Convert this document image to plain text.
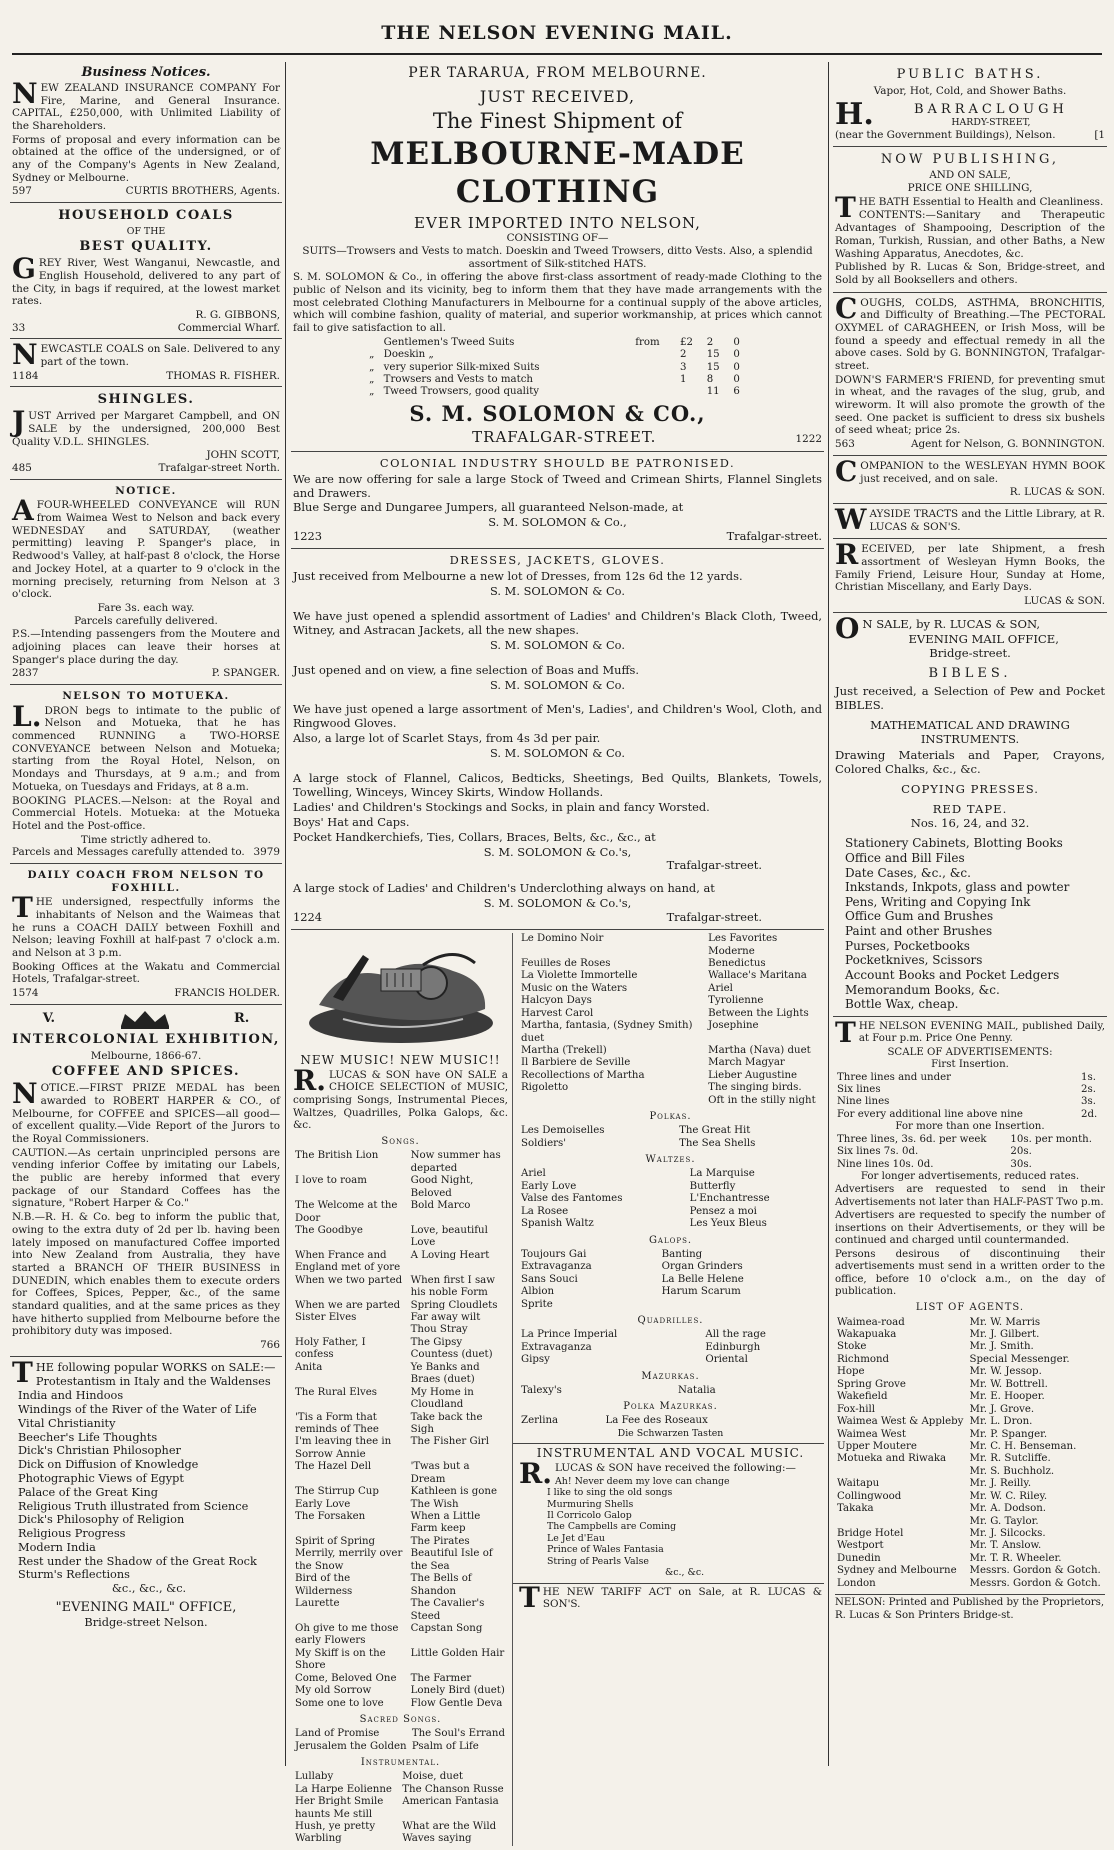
THE NELSON EVENING MAIL.
Business Notices.

NEW ZEALAND INSURANCE COMPANY For Fire, Marine, and General Insurance. CAPITAL, £250,000, with Unlimited Liability of the Shareholders.

Forms of proposal and every information can be obtained at the office of the undersigned, or of any of the Company's Agents in New Zealand, Sydney or Melbourne.

597	CURTIS BROTHERS, Agents.
HOUSEHOLD COALS
OF THE
BEST QUALITY.

GREY River, West Wanganui, Newcastle, and English Household, delivered to any part of the City, in bags if required, at the lowest market rates.

R. G. GIBBONS,
33	Commercial Wharf.

NEWCASTLE COALS on Sale. Delivered to any part of the town.

1184	THOMAS R. FISHER.
SHINGLES.

JUST Arrived per Margaret Campbell, and ON SALE by the undersigned, 200,000 Best Quality V.D.L. SHINGLES.

JOHN SCOTT,
485	Trafalgar-street North.
NOTICE.

AFOUR-WHEELED CONVEYANCE will RUN from Waimea West to Nelson and back every WEDNESDAY and SATURDAY, (weather permitting) leaving P. Spanger's place, in Redwood's Valley, at half-past 8 o'clock, the Horse and Jockey Hotel, at a quarter to 9 o'clock in the morning precisely, returning from Nelson at 3 o'clock.

Fare 3s. each way.
Parcels carefully delivered.

P.S.—Intending passengers from the Moutere and adjoining places can leave their horses at Spanger's place during the day.

2837	P. SPANGER.
NELSON TO MOTUEKA.

L. DRON begs to intimate to the public of Nelson and Motueka, that he has commenced RUNNING a TWO-HORSE CONVEYANCE between Nelson and Motueka; starting from the Royal Hotel, Nelson, on Mondays and Thursdays, at 9 a.m.; and from Motueka, on Tuesdays and Fridays, at 8 a.m.

BOOKING PLACES.—Nelson: at the Royal and Commercial Hotels. Motueka: at the Motueka Hotel and the Post-office.

Time strictly adhered to.
Parcels and Messages carefully attended to. 3979
DAILY COACH FROM NELSON TO FOXHILL.

THE undersigned, respectfully informs the inhabitants of Nelson and the Waimeas that he runs a COACH DAILY between Foxhill and Nelson; leaving Foxhill at half-past 7 o'clock a.m. and Nelson at 3 p.m.

Booking Offices at the Wakatu and Commercial Hotels, Trafalgar-street.

1574	FRANCIS HOLDER.
V.	R.
INTERCOLONIAL EXHIBITION,
Melbourne, 1866-67.
COFFEE AND SPICES.

NOTICE.—FIRST PRIZE MEDAL has been awarded to ROBERT HARPER & CO., of Melbourne, for COFFEE and SPICES—all good—of excellent quality.—Vide Report of the Jurors to the Royal Commissioners.

CAUTION.—As certain unprincipled persons are vending inferior Coffee by imitating our Labels, the public are hereby informed that every package of our Standard Coffees has the signature, "Robert Harper & Co."

N.B.—R. H. & Co. beg to inform the public that, owing to the extra duty of 2d per lb. having been lately imposed on manufactured Coffee imported into New Zealand from Australia, they have started a BRANCH OF THEIR BUSINESS in DUNEDIN, which enables them to execute orders for Coffees, Spices, Pepper, &c., of the same standard qualities, and at the same prices as they have hitherto supplied from Melbourne before the prohibitory duty was imposed.

766

THE following popular WORKS on SALE:—

Protestantism in Italy and the Waldenses
India and Hindoos
Windings of the River of the Water of Life
Vital Christianity
Beecher's Life Thoughts
Dick's Christian Philosopher
Dick on Diffusion of Knowledge
Photographic Views of Egypt
Palace of the Great King
Religious Truth illustrated from Science
Dick's Philosophy of Religion
Religious Progress
Modern India
Rest under the Shadow of the Great Rock
Sturm's Reflections
&c., &c., &c.
"EVENING MAIL" OFFICE,
Bridge-street Nelson.
PER TARARUA, FROM MELBOURNE.
JUST RECEIVED,
The Finest Shipment of
MELBOURNE-MADE CLOTHING
EVER IMPORTED INTO NELSON,
CONSISTING OF—
SUITS—Trowsers and Vests to match. Doeskin and Tweed Trowsers, ditto Vests. Also, a splendid assortment of Silk-stitched HATS.

S. M. SOLOMON & Co., in offering the above first-class assortment of ready-made Clothing to the public of Nelson and its vicinity, beg to inform them that they have made arrangements with the most celebrated Clothing Manufacturers in Melbourne for a continual supply of the above articles, which will combine fashion, quality of material, and superior workmanship, at prices which cannot fail to give satisfaction to all.

	Gentlemen's Tweed Suits	from	£2	2	0
„	Doeskin „		2	15	0
„	very superior Silk-mixed Suits		3	15	0
„	Trowsers and Vests to match		1	8	0
„	Tweed Trowsers, good quality			11	6
S. M. SOLOMON & CO.,
TRAFALGAR-STREET.	1222
COLONIAL INDUSTRY SHOULD BE PATRONISED.

We are now offering for sale a large Stock of Tweed and Crimean Shirts, Flannel Singlets and Drawers.

Blue Serge and Dungaree Jumpers, all guaranteed Nelson-made, at

S. M. SOLOMON & Co.,
1223	Trafalgar-street.
DRESSES, JACKETS, GLOVES.

Just received from Melbourne a new lot of Dresses, from 12s 6d the 12 yards.

S. M. SOLOMON & Co.

We have just opened a splendid assortment of Ladies' and Children's Black Cloth, Tweed, Witney, and Astracan Jackets, all the new shapes.

S. M. SOLOMON & Co.

Just opened and on view, a fine selection of Boas and Muffs.

S. M. SOLOMON & Co.

We have just opened a large assortment of Men's, Ladies', and Children's Wool, Cloth, and Ringwood Gloves.

Also, a large lot of Scarlet Stays, from 4s 3d per pair.

S. M. SOLOMON & Co.

A large stock of Flannel, Calicos, Bedticks, Sheetings, Bed Quilts, Blankets, Towels, Towelling, Winceys, Wincey Skirts, Window Hollands.

Ladies' and Children's Stockings and Socks, in plain and fancy Worsted.

Boys' Hat and Caps.

Pocket Handkerchiefs, Ties, Collars, Braces, Belts, &c., &c., at

S. M. SOLOMON & Co.'s,
Trafalgar-street.

A large stock of Ladies' and Children's Underclothing always on hand, at

S. M. SOLOMON & Co.'s,
1224	Trafalgar-street.
NEW MUSIC! NEW MUSIC!!

R. LUCAS & SON have ON SALE a CHOICE SELECTION of MUSIC, comprising Songs, Instrumental Pieces, Waltzes, Quadrilles, Polka Galops, &c. &c.

Songs.
The British Lion	Now summer has departed
I love to roam	Good Night, Beloved
The Welcome at the Door	Bold Marco
The Goodbye	Love, beautiful Love
When France and England met of yore	A Loving Heart
When we two parted	When first I saw his noble Form
When we are parted	Spring Cloudlets
Sister Elves	Far away wilt Thou Stray
Holy Father, I confess	The Gipsy Countess (duet)
Anita	Ye Banks and Braes (duet)
The Rural Elves	My Home in Cloudland
'Tis a Form that reminds of Thee	Take back the Sigh
I'm leaving thee in Sorrow Annie	The Fisher Girl
The Hazel Dell	'Twas but a Dream
The Stirrup Cup	Kathleen is gone
Early Love	The Wish
The Forsaken	When a Little Farm keep
Spirit of Spring	The Pirates
Merrily, merrily over the Snow	Beautiful Isle of the Sea
Bird of the Wilderness	The Bells of Shandon
Laurette	The Cavalier's Steed
Oh give to me those early Flowers	Capstan Song
My Skiff is on the Shore	Little Golden Hair
Come, Beloved One	The Farmer
My old Sorrow	Lonely Bird (duet)
Some one to love	Flow Gentle Deva
Sacred Songs.
Land of Promise	The Soul's Errand
Jerusalem the Golden	Psalm of Life
Instrumental.
Lullaby	Moise, duet
La Harpe Eolienne	The Chanson Russe
Her Bright Smile haunts Me still	American Fantasia
Hush, ye pretty Warbling	What are the Wild Waves saying
Le Domino Noir	Les Favorites Moderne
Feuilles de Roses	Benedictus
La Violette Immortelle	Wallace's Maritana
Music on the Waters	Ariel
Halcyon Days	Tyrolienne
Harvest Carol	Between the Lights
Martha, fantasia, (Sydney Smith) duet	Josephine
Martha (Trekell)	Martha (Nava) duet
Il Barbiere de Seville	March Magyar
Recollections of Martha	Lieber Augustine
Rigoletto	The singing birds.
	Oft in the stilly night
Polkas.
Les Demoiselles	The Great Hit
Soldiers'	The Sea Shells
Waltzes.
Ariel	La Marquise
Early Love	Butterfly
Valse des Fantomes	L'Enchantresse
La Rosee	Pensez a moi
Spanish Waltz	Les Yeux Bleus
Galops.
Toujours Gai	Banting
Extravaganza	Organ Grinders
Sans Souci	La Belle Helene
Albion	Harum Scarum
Sprite	
Quadrilles.
La Prince Imperial	All the rage
Extravaganza	Edinburgh
Gipsy	Oriental
Mazurkas.
Talexy's	Natalia
Polka Mazurkas.
Zerlina	La Fee des Roseaux
Die Schwarzen Tasten
INSTRUMENTAL AND VOCAL MUSIC.

R. LUCAS & SON have received the following:—

Ah! Never deem my love can change
I like to sing the old songs
Murmuring Shells
Il Corricolo Galop
The Campbells are Coming
Le Jet d'Eau
Prince of Wales Fantasia
String of Pearls Valse
&c., &c.

THE NEW TARIFF ACT on Sale, at R. LUCAS & SON'S.

PUBLIC BATHS.
Vapor, Hot, Cold, and Shower Baths.
H.	BARRACLOUGH
HARDY-STREET,
(near the Government Buildings), Nelson.	[1
NOW PUBLISHING,
AND ON SALE,
PRICE ONE SHILLING,

THE BATH Essential to Health and Cleanliness.

CONTENTS:—Sanitary and Therapeutic Advantages of Shampooing, Description of the Roman, Turkish, Russian, and other Baths, a New Washing Apparatus, Anecdotes, &c.

Published by R. Lucas & Son, Bridge-street, and Sold by all Booksellers and others.

COUGHS, COLDS, ASTHMA, BRONCHITIS, and Difficulty of Breathing.—The PECTORAL OXYMEL of CARAGHEEN, or Irish Moss, will be found a speedy and effectual remedy in all the above cases. Sold by G. BONNINGTON, Trafalgar-street.

DOWN'S FARMER'S FRIEND, for preventing smut in wheat, and the ravages of the slug, grub, and wireworm. It will also promote the growth of the seed. One packet is sufficient to dress six bushels of seed wheat; price 2s.

563	Agent for Nelson, G. BONNINGTON.

COMPANION to the WESLEYAN HYMN BOOK just received, and on sale.

R. LUCAS & SON.

WAYSIDE TRACTS and the Little Library, at R. LUCAS & SON'S.

RECEIVED, per late Shipment, a fresh assortment of Wesleyan Hymn Books, the Family Friend, Leisure Hour, Sunday at Home, Christian Miscellany, and Early Days.

LUCAS & SON.

O N SALE, by R. LUCAS & SON,

EVENING MAIL OFFICE,
Bridge-street.
BIBLES.

Just received, a Selection of Pew and Pocket BIBLES.

MATHEMATICAL AND DRAWING INSTRUMENTS.

Drawing Materials and Paper, Crayons, Colored Chalks, &c., &c.

COPYING PRESSES.
RED TAPE.
Nos. 16, 24, and 32.
Stationery Cabinets, Blotting Books
Office and Bill Files
Date Cases, &c., &c.
Inkstands, Inkpots, glass and powter
Pens, Writing and Copying Ink
Office Gum and Brushes
Paint and other Brushes
Purses, Pocketbooks
Pocketknives, Scissors
Account Books and Pocket Ledgers
Memorandum Books, &c.
Bottle Wax, cheap.

THE NELSON EVENING MAIL, published Daily, at Four p.m. Price One Penny.

SCALE OF ADVERTISEMENTS:
First Insertion.
Three lines and under	1s.
Six lines	2s.
Nine lines	3s.
For every additional line above nine	2d.
For more than one Insertion.
Three lines, 3s. 6d. per week	10s. per month.
Six lines 7s. 0d.	20s.
Nine lines 10s. 0d.	30s.
For longer advertisements, reduced rates.

Advertisers are requested to send in their Advertisements not later than HALF-PAST Two p.m.

Advertisers are requested to specify the number of insertions on their Advertisements, or they will be continued and charged until countermanded.

Persons desirous of discontinuing their advertisements must send in a written order to the office, before 10 o'clock a.m., on the day of publication.

LIST OF AGENTS.
Waimea-road	Mr. W. Marris
Wakapuaka	Mr. J. Gilbert.
Stoke	Mr. J. Smith.
Richmond	Special Messenger.
Hope	Mr. W. Jessop.
Spring Grove	Mr. W. Bottrell.
Wakefield	Mr. E. Hooper.
Fox-hill	Mr. J. Grove.
Waimea West & Appleby	Mr. L. Dron.
Waimea West	Mr. P. Spanger.
Upper Moutere	Mr. C. H. Benseman.
Motueka and Riwaka	Mr. R. Sutcliffe.
	Mr. S. Buchholz.
Waitapu	Mr. J. Reilly.
Collingwood	Mr. W. C. Riley.
Takaka	Mr. A. Dodson.
	Mr. G. Taylor.
Bridge Hotel	Mr. J. Silcocks.
Westport	Mr. T. Anslow.
Dunedin	Mr. T. R. Wheeler.
Sydney and Melbourne	Messrs. Gordon & Gotch.
London	Messrs. Gordon & Gotch.
NELSON: Printed and Published by the Proprietors, R. Lucas & Son Printers Bridge-st.
